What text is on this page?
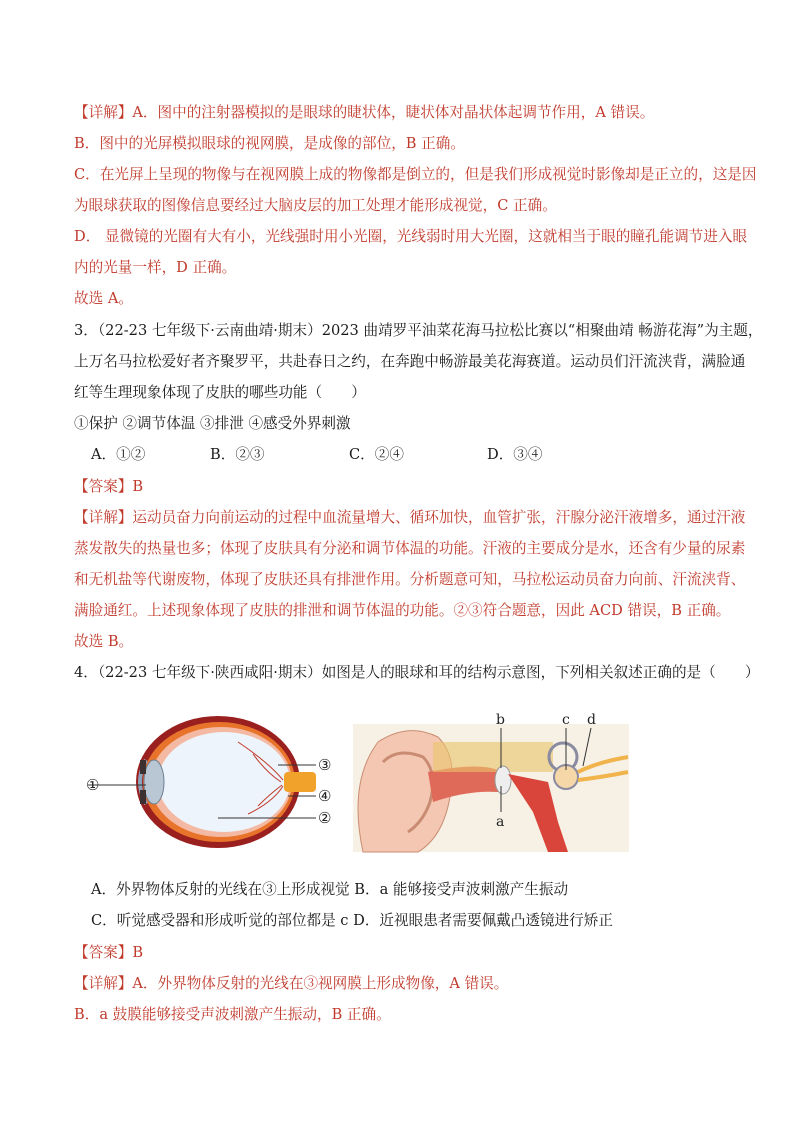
【详解】A．图中的注射器模拟的是眼球的睫状体，睫状体对晶状体起调节作用，A 错误。
B．图中的光屏模拟眼球的视网膜，是成像的部位，B 正确。
C．在光屏上呈现的物像与在视网膜上成的物像都是倒立的，但是我们形成视觉时影像却是正立的，这是因
为眼球获取的图像信息要经过大脑皮层的加工处理才能形成视觉，C 正确。
D． 显微镜的光圈有大有小，光线强时用小光圈，光线弱时用大光圈，这就相当于眼的瞳孔能调节进入眼
内的光量一样，D 正确。
故选 A。
3．（22-23 七年级下·云南曲靖·期末）2023 曲靖罗平油菜花海马拉松比赛以“相聚曲靖 畅游花海”为主题，
上万名马拉松爱好者齐聚罗平，共赴春日之约，在奔跑中畅游最美花海赛道。运动员们汗流浃背，满脸通
红等生理现象体现了皮肤的哪些功能（　　）
①保护 ②调节体温 ③排泄 ④感受外界刺激
A．①②	B．②③	C．②④	D．③④
【答案】B
【详解】运动员奋力向前运动的过程中血流量增大、循环加快，血管扩张，汗腺分泌汗液增多，通过汗液
蒸发散失的热量也多；体现了皮肤具有分泌和调节体温的功能。汗液的主要成分是水，还含有少量的尿素
和无机盐等代谢废物，体现了皮肤还具有排泄作用。分析题意可知，马拉松运动员奋力向前、汗流浃背、
满脸通红。上述现象体现了皮肤的排泄和调节体温的功能。②③符合题意，因此 ACD 错误，B 正确。
故选 B。
4．（22-23 七年级下·陕西咸阳·期末）如图是人的眼球和耳的结构示意图，下列相关叙述正确的是（　　）
①
③
④
②
b	c d
a
A．外界物体反射的光线在③上形成视觉 B．a 能够接受声波刺激产生振动
C．听觉感受器和形成听觉的部位都是 c D．近视眼患者需要佩戴凸透镜进行矫正
【答案】B
【详解】A．外界物体反射的光线在③视网膜上形成物像，A 错误。
B．a 鼓膜能够接受声波刺激产生振动，B 正确。
